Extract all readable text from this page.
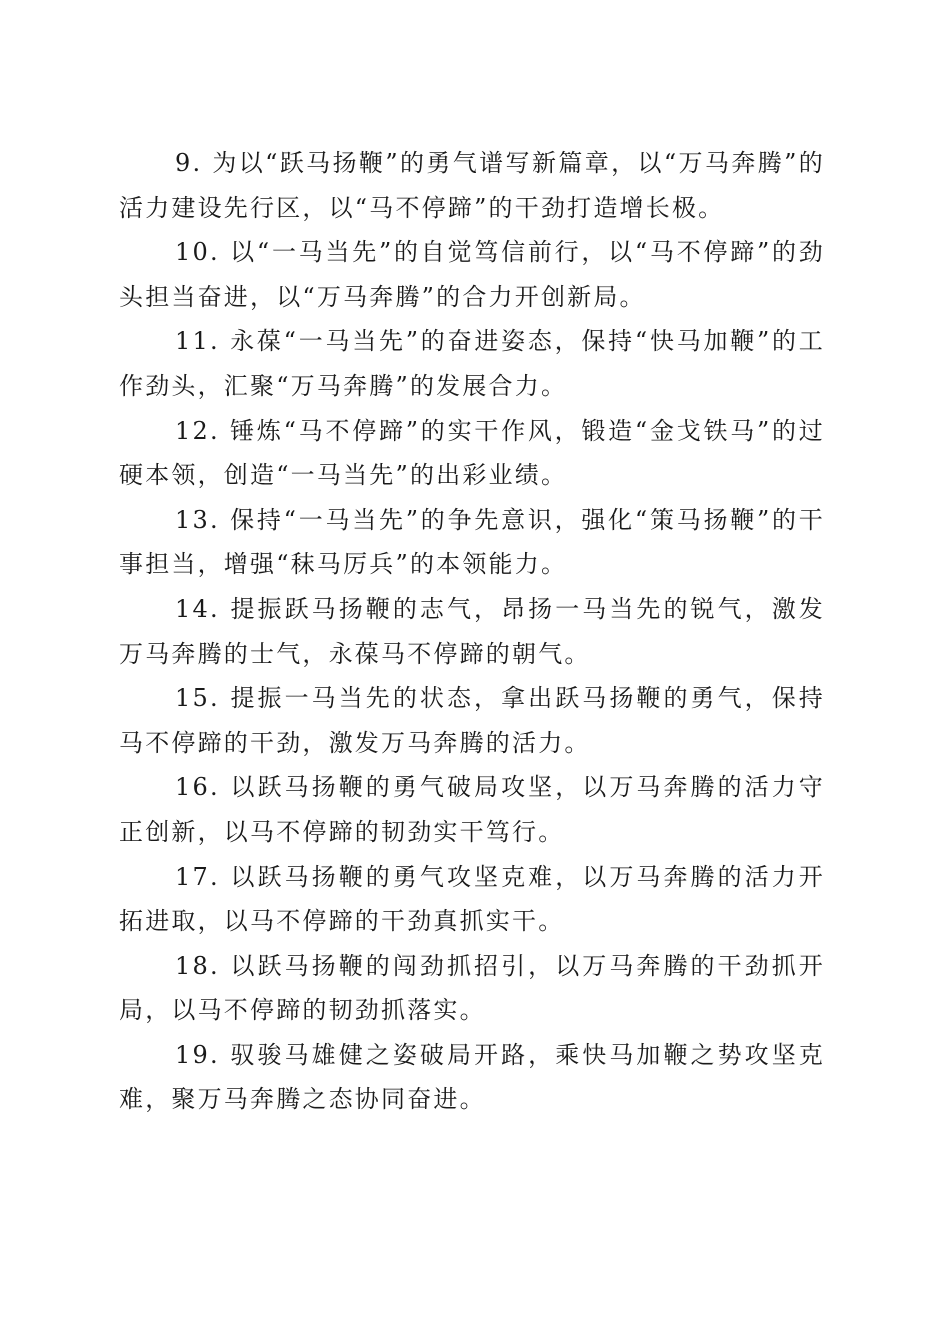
9. 为以“跃马扬鞭”的勇气谱写新篇章，以“万马奔腾”的活力建设先行区，以“马不停蹄”的干劲打造增长极。

10. 以“一马当先”的自觉笃信前行，以“马不停蹄”的劲头担当奋进，以“万马奔腾”的合力开创新局。

11. 永葆“一马当先”的奋进姿态，保持“快马加鞭”的工作劲头，汇聚“万马奔腾”的发展合力。

12. 锤炼“马不停蹄”的实干作风，锻造“金戈铁马”的过硬本领，创造“一马当先”的出彩业绩。

13. 保持“一马当先”的争先意识，强化“策马扬鞭”的干事担当，增强“秣马厉兵”的本领能力。

14. 提振跃马扬鞭的志气，昂扬一马当先的锐气，激发万马奔腾的士气，永葆马不停蹄的朝气。

15. 提振一马当先的状态，拿出跃马扬鞭的勇气，保持马不停蹄的干劲，激发万马奔腾的活力。

16. 以跃马扬鞭的勇气破局攻坚，以万马奔腾的活力守正创新，以马不停蹄的韧劲实干笃行。

17. 以跃马扬鞭的勇气攻坚克难，以万马奔腾的活力开拓进取，以马不停蹄的干劲真抓实干。

18. 以跃马扬鞭的闯劲抓招引，以万马奔腾的干劲抓开局，以马不停蹄的韧劲抓落实。

19. 驭骏马雄健之姿破局开路，乘快马加鞭之势攻坚克难，聚万马奔腾之态协同奋进。
